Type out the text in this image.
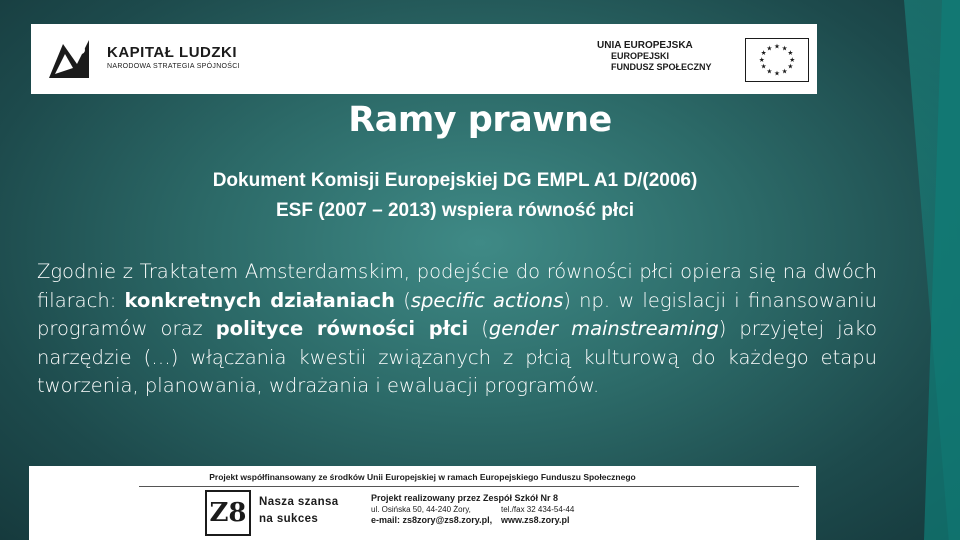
KAPITAŁ LUDZKI
NARODOWA STRATEGIA SPÓJNOŚCI
UNIA EUROPEJSKA
EUROPEJSKI
FUNDUSZ SPOŁECZNY
★ ★
★
★
★
★
★
★
★
★
★
★
Ramy prawne
Dokument Komisji Europejskiej DG EMPL A1 D/(2006)
ESF (2007 – 2013) wspiera równość płci
Zgodnie z Traktatem Amsterdamskim, podejście do równości płci opiera się na dwóch filarach: konkretnych działaniach (specific actions) np. w legislacji i finansowaniu programów oraz polityce równości płci (gender mainstreaming) przyjętej jako narzędzie (…) włączania kwestii związanych z płcią kulturową do każdego etapu tworzenia, planowania, wdrażania i ewaluacji programów.
Projekt współfinansowany ze środków Unii Europejskiej w ramach Europejskiego Funduszu Społecznego
Z8	Nasza szansa
na sukces
Projekt realizowany przez Zespół Szkół Nr 8
ul. Osińska 50, 44-240 Żory,	tel./fax 32 434-54-44
e-mail: zs8zory@zs8.zory.pl, www.zs8.zory.pl
